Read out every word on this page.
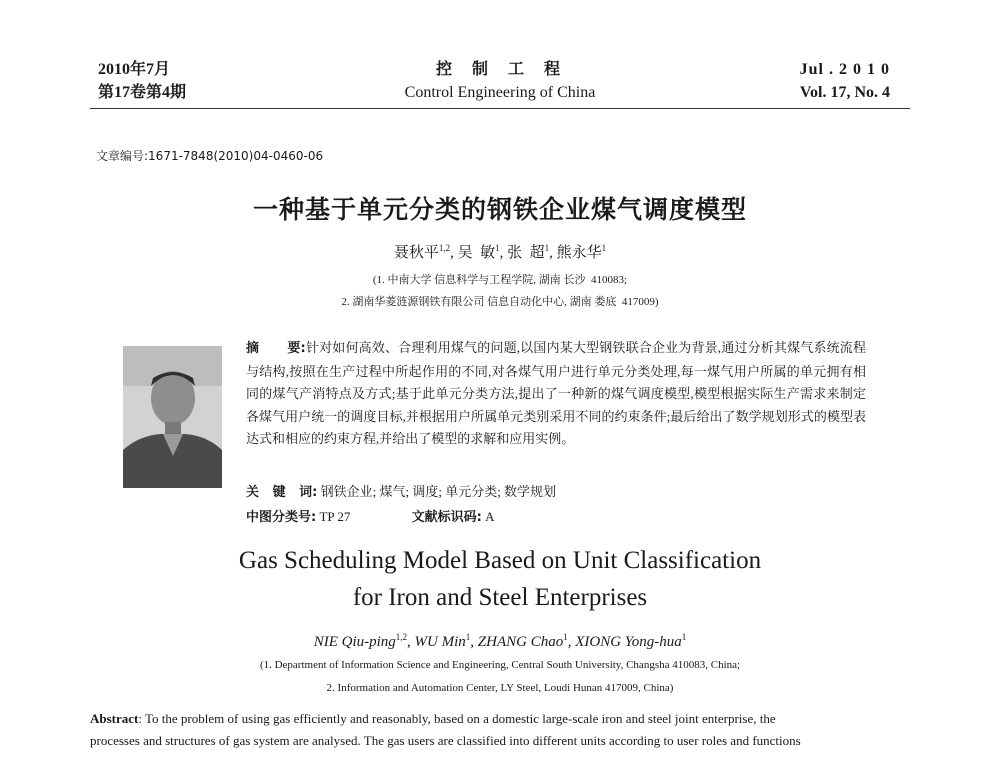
2010年7月
第17卷第4期
控  制  工  程
Control Engineering of China
Jul . 2 0 1 0
Vol. 17, No. 4
文章编号:1671-7848(2010)04-0460-06
一种基于单元分类的钢铁企业煤气调度模型
聂秋平$^{1,2}$, 吴  敏$^1$, 张  超$^1$, 熊永华$^1$
(1. 中南大学 信息科学与工程学院, 湖南 长沙  410083;
2. 湖南华菱涟源钢铁有限公司 信息自动化中心, 湖南 娄底  417009)
摘      要:针对如何高效、合理利用煤气的问题,以国内某大型钢铁联合企业为背景,通过分析其煤气系统流程与结构,按照在生产过程中所起作用的不同,对各煤气用户进行单元分类处理,每一煤气用户所属的单元拥有相同的煤气产消特点及方式;基于此单元分类方法,提出了一种新的煤气调度模型,模型根据实际生产需求来制定各煤气用户统一的调度目标,并根据用户所属单元类别采用不同的约束条件;最后给出了数学规划形式的模型表达式和相应的约束方程,并给出了模型的求解和应用实例。
关   键   词: 钢铁企业; 煤气; 调度; 单元分类; 数学规划
中图分类号: TP 27	文献标识码: A
Gas Scheduling Model Based on Unit Classification
for Iron and Steel Enterprises
NIE Qiu-ping$^{1,2}$, WU Min$^1$, ZHANG Chao$^1$, XIONG Yong-hua$^1$
(1. Department of Information Science and Engineering, Central South University, Changsha 410083, China;
2. Information and Automation Center, LY Steel, Loudi Hunan 417009, China)
Abstract: To the problem of using gas efficiently and reasonably, based on a domestic large-scale iron and steel joint enterprise, the
processes and structures of gas system are analysed. The gas users are classified into different units according to user roles and functions
